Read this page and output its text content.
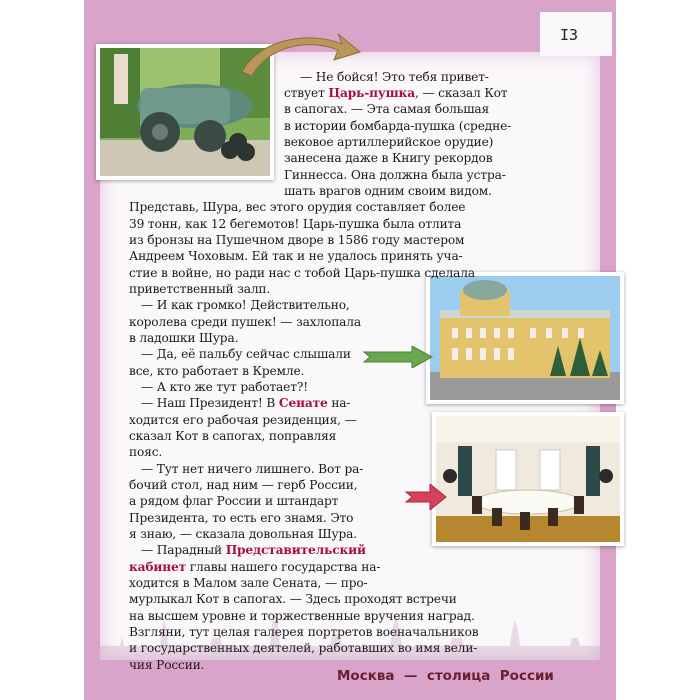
I3
— Не бойся! Это тебя привет-
ствует Царь-пушка, — сказал Кот
в сапогах. — Эта самая большая
в истории бомбарда-пушка (средне-
вековое артиллерийское орудие)
занесена даже в Книгу рекордов
Гиннесса. Она должна была устра-
шать врагов одним своим видом.
Представь, Шура, вес этого орудия составляет более
39 тонн, как 12 бегемотов! Царь-пушка была отлита
из бронзы на Пушечном дворе в 1586 году мастером
Андреем Чоховым. Ей так и не удалось принять уча-
стие в войне, но ради нас с тобой Царь-пушка сделала
приветственный залп.
— И как громко! Действительно,
королева среди пушек! — захлопала
в ладошки Шура.
— Да, её пальбу сейчас слышали
все, кто работает в Кремле.
— А кто же тут работает?!
— Наш Президент! В Сенате на-
ходится его рабочая резиденция, —
сказал Кот в сапогах, поправляя
пояс.
— Тут нет ничего лишнего. Вот ра-
бочий стол, над ним — герб России,
а рядом флаг России и штандарт
Президента, то есть его знамя. Это
я знаю, — сказала довольная Шура.
— Парадный Представительский
кабинет главы нашего государства на-
ходится в Малом зале Сената, — про-
мурлыкал Кот в сапогах. — Здесь проходят встречи
на высшем уровне и торжественные вручения наград.
Взгляни, тут целая галерея портретов военачальников
и государственных деятелей, работавших во имя вели-
чия России.
Москва  —  столица  России
